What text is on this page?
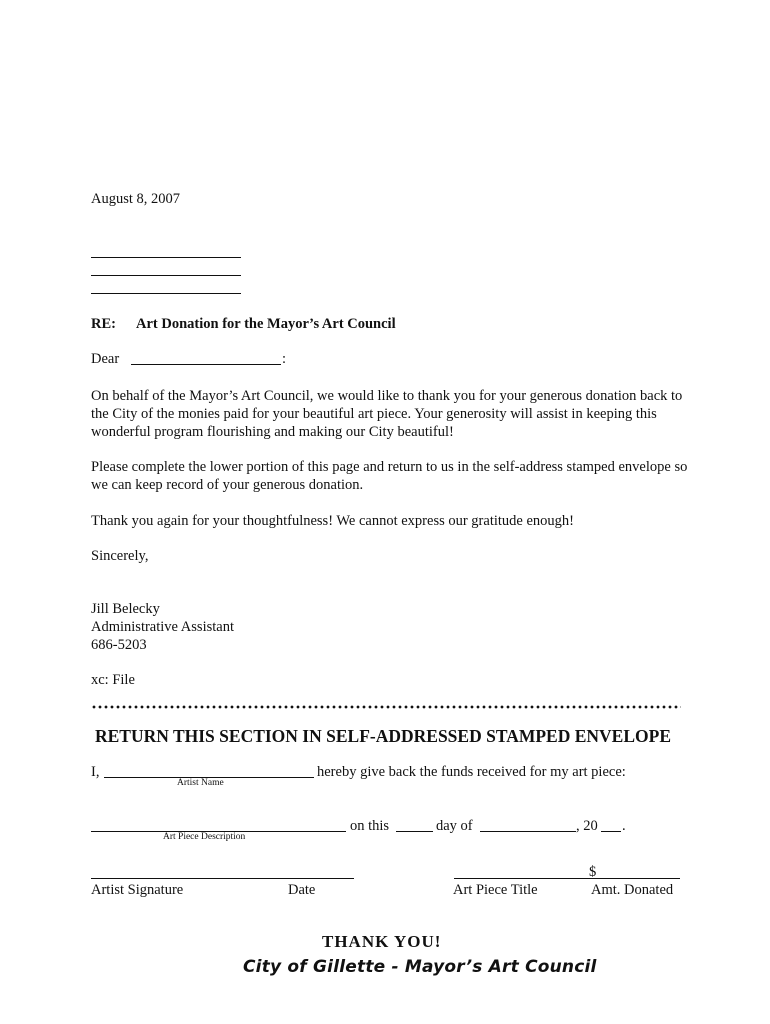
August 8, 2007
RE: Art Donation for the Mayor’s Art Council
Dear	:
On behalf of the Mayor’s Art Council, we would like to thank you for your generous donation back to the City of the monies paid for your beautiful art piece. Your generosity will assist in keeping this wonderful program flourishing and making our City beautiful!
Please complete the lower portion of this page and return to us in the self-address stamped envelope so we can keep record of your generous donation.
Thank you again for your thoughtfulness! We cannot express our gratitude enough!
Sincerely,
Jill Belecky
Administrative Assistant
686-5203
xc: File
RETURN THIS SECTION IN SELF-ADDRESSED STAMPED ENVELOPE
I,	hereby give back the funds received for my art piece:
Artist Name
on this	day of	, 20 .
Art Piece Description
$
Artist Signature	Date	Art Piece Title	Amt. Donated
THANK YOU!
City of Gillette - Mayor’s Art Council
